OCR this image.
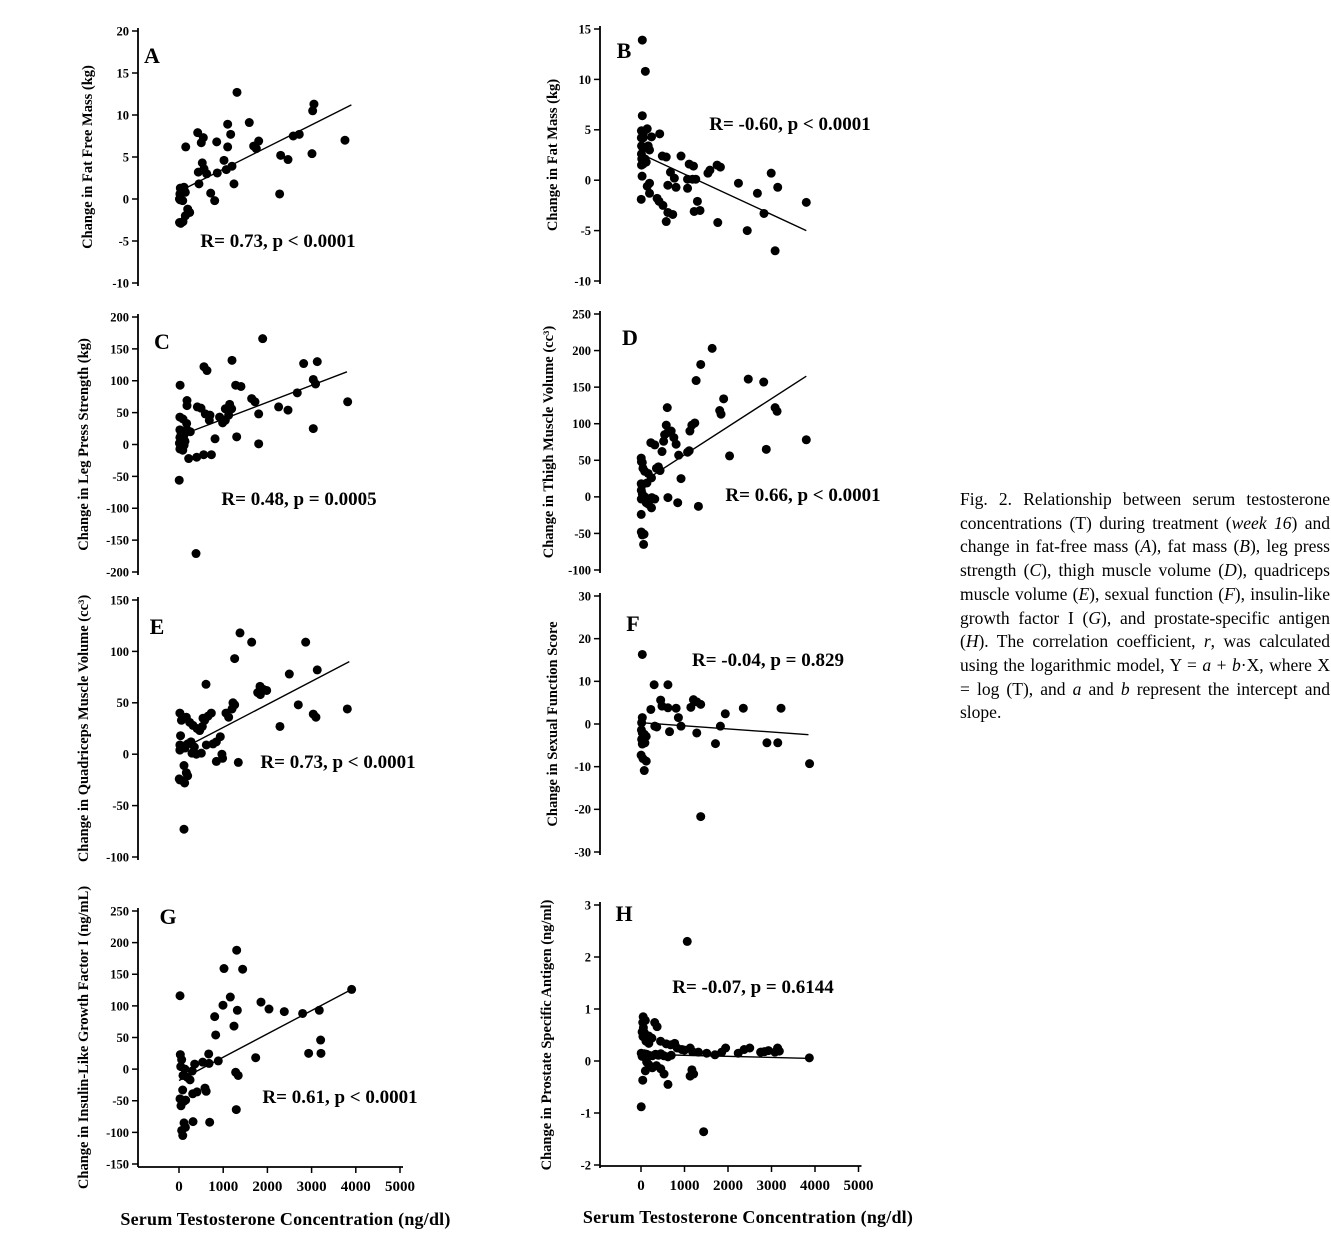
20
15
10
5
0
-5
-10
Change in Fat Free Mass (kg)
A
R= 0.73, p < 0.0001
15
10
5
0
-5
-10
Change in Fat Mass (kg)
B
R= -0.60, p < 0.0001
200
150
100
50
0
-50
-100
-150
-200
Change in Leg Press Strength (kg)	C
R= 0.48, p = 0.0005
250
200
150
100
50
0
-50
-100
Change in Thigh Muscle Volume (cc³)	D
R= 0.66, p < 0.0001
150
100
50
0
-50
-100
Change in Quadriceps Muscle Volume (cc³)	E
R= 0.73, p < 0.0001
30
20
10
0
-10
-20
-30
Change in Sexual Function Score	F
R= -0.04, p = 0.829
250
200
150
100
50
0
-50
-100
-150
0 1000 2000 3000 4000 5000
Change in Insulin-Like Growth Factor I (ng/mL)	G
R= 0.61, p < 0.0001
3
2
1
0
-1
-2
0 1000 2000 3000 4000 5000
Change in Prostate Specific Antigen (ng/ml)	H
R= -0.07, p = 0.6144
Serum Testosterone Concentration (ng/dl)	Serum Testosterone Concentration (ng/dl)
Fig. 2. Relationship between serum testosterone concentrations (T) during treatment (week 16) and change in fat-free mass (A), fat mass (B), leg press strength (C), thigh muscle volume (D), quadriceps muscle volume (E), sexual function (F), insulin-like growth factor I (G), and prostate-specific antigen (H). The correlation coefficient, r, was calculated using the logarithmic model, Y = a + b·X, where X = log (T), and a and b represent the intercept and slope.
